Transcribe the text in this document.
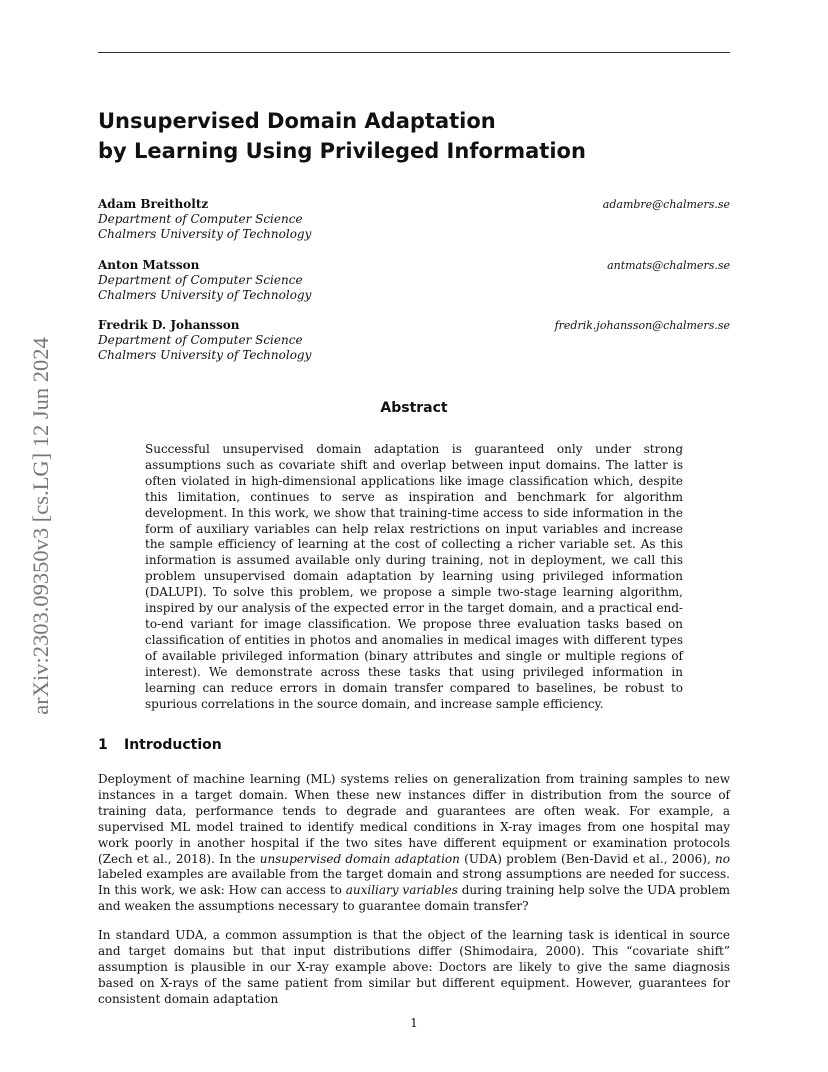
arXiv:2303.09350v3 [cs.LG] 12 Jun 2024
Unsupervised Domain Adaptation
by Learning Using Privileged Information
Adam Breitholtz
Department of Computer Science
Chalmers University of Technology
adambre@chalmers.se
Anton Matsson
Department of Computer Science
Chalmers University of Technology
antmats@chalmers.se
Fredrik D. Johansson
Department of Computer Science
Chalmers University of Technology
fredrik.johansson@chalmers.se
Abstract
Successful unsupervised domain adaptation is guaranteed only under strong assumptions such as covariate shift and overlap between input domains. The latter is often violated in high-dimensional applications like image classification which, despite this limitation, continues to serve as inspiration and benchmark for algorithm development. In this work, we show that training-time access to side information in the form of auxiliary variables can help relax restrictions on input variables and increase the sample efficiency of learning at the cost of collecting a richer variable set. As this information is assumed available only during training, not in deployment, we call this problem unsupervised domain adaptation by learning using privileged information (DALUPI). To solve this problem, we propose a simple two-stage learning algorithm, inspired by our analysis of the expected error in the target domain, and a practical end-to-end variant for image classification. We propose three evaluation tasks based on classification of entities in photos and anomalies in medical images with different types of available privileged information (binary attributes and single or multiple regions of interest). We demonstrate across these tasks that using privileged information in learning can reduce errors in domain transfer compared to baselines, be robust to spurious correlations in the source domain, and increase sample efficiency.
1 Introduction

Deployment of machine learning (ML) systems relies on generalization from training samples to new instances in a target domain. When these new instances differ in distribution from the source of training data, performance tends to degrade and guarantees are often weak. For example, a supervised ML model trained to identify medical conditions in X-ray images from one hospital may work poorly in another hospital if the two sites have different equipment or examination protocols (Zech et al., 2018). In the unsupervised domain adaptation (UDA) problem (Ben-David et al., 2006), no labeled examples are available from the target domain and strong assumptions are needed for success. In this work, we ask: How can access to auxiliary variables during training help solve the UDA problem and weaken the assumptions necessary to guarantee domain transfer?

In standard UDA, a common assumption is that the object of the learning task is identical in source and target domains but that input distributions differ (Shimodaira, 2000). This “covariate shift” assumption is plausible in our X-ray example above: Doctors are likely to give the same diagnosis based on X-rays of the same patient from similar but different equipment. However, guarantees for consistent domain adaptation
1
